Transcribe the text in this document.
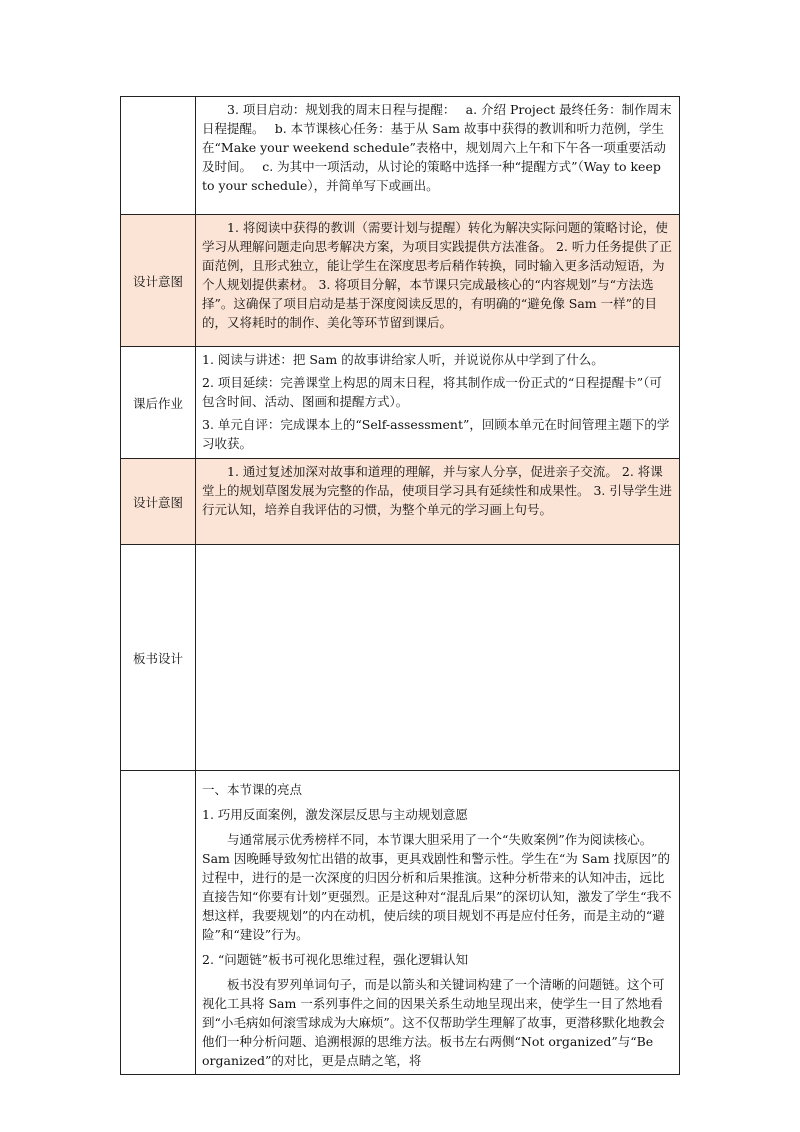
	3. 项目启动：规划我的周末日程与提醒：　 a. 介绍 Project 最终任务：制作周末日程提醒。　 b. 本节课核心任务：基于从 Sam 故事中获得的教训和听力范例，学生在“Make your weekend schedule”表格中，规划周六上午和下午各一项重要活动及时间。　 c. 为其中一项活动，从讨论的策略中选择一种“提醒方式”（Way to keep to your schedule），并简单写下或画出。

设计意图	1. 将阅读中获得的教训（需要计划与提醒）转化为解决实际问题的策略讨论，使学习从理解问题走向思考解决方案，为项目实践提供方法准备。 2. 听力任务提供了正面范例，且形式独立，能让学生在深度思考后稍作转换，同时输入更多活动短语，为个人规划提供素材。 3. 将项目分解，本节课只完成最核心的“内容规划”与“方法选择”。这确保了项目启动是基于深度阅读反思的，有明确的“避免像 Sam 一样”的目的，又将耗时的制作、美化等环节留到课后。

课后作业	1. 阅读与讲述：把 Sam 的故事讲给家人听，并说说你从中学到了什么。

2. 项目延续：完善课堂上构思的周末日程，将其制作成一份正式的“日程提醒卡”（可包含时间、活动、图画和提醒方式）。

3. 单元自评：完成课本上的“Self-assessment”，回顾本单元在时间管理主题下的学习收获。

设计意图	1. 通过复述加深对故事和道理的理解，并与家人分享，促进亲子交流。 2. 将课堂上的规划草图发展为完整的作品，使项目学习具有延续性和成果性。 3. 引导学生进行元认知，培养自我评估的习惯，为整个单元的学习画上句号。

板书设计	

	一、本节课的亮点

1. 巧用反面案例，激发深层反思与主动规划意愿

与通常展示优秀榜样不同，本节课大胆采用了一个“失败案例”作为阅读核心。Sam 因晚睡导致匆忙出错的故事，更具戏剧性和警示性。学生在“为 Sam 找原因”的过程中，进行的是一次深度的归因分析和后果推演。这种分析带来的认知冲击，远比直接告知“你要有计划”更强烈。正是这种对“混乱后果”的深切认知，激发了学生“我不想这样，我要规划”的内在动机，使后续的项目规划不再是应付任务，而是主动的“避险”和“建设”行为。

2. “问题链”板书可视化思维过程，强化逻辑认知

板书没有罗列单词句子，而是以箭头和关键词构建了一个清晰的问题链。这个可视化工具将 Sam 一系列事件之间的因果关系生动地呈现出来，使学生一目了然地看到“小毛病如何滚雪球成为大麻烦”。这不仅帮助学生理解了故事，更潜移默化地教会他们一种分析问题、追溯根源的思维方法。板书左右两侧“Not organized”与“Be organized”的对比，更是点睛之笔，将
